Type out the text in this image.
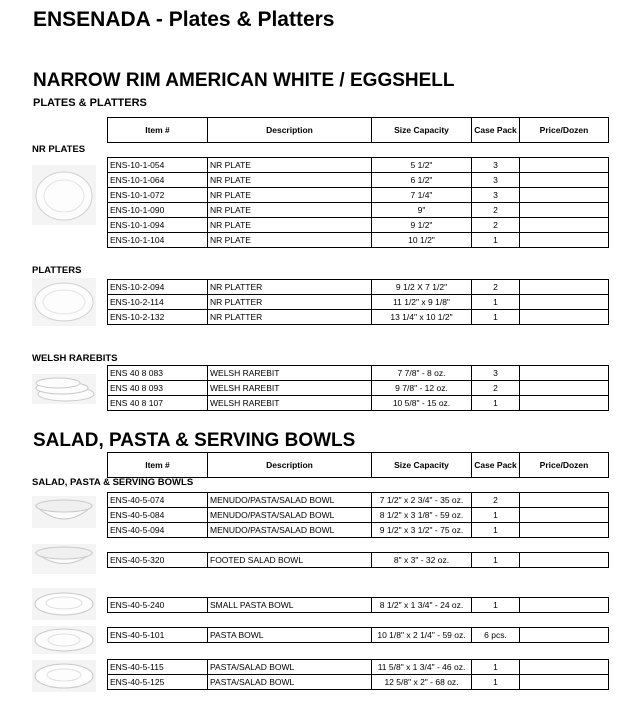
ENSENADA - Plates & Platters
NARROW RIM AMERICAN WHITE / EGGSHELL
PLATES & PLATTERS
SALAD, PASTA & SERVING BOWLS
Item #	Description	Size Capacity	Case Pack	Price/Dozen
NR PLATES
ENS-10-1-054	NR PLATE	5 1/2"	3	
ENS-10-1-064	NR PLATE	6 1/2"	3	
ENS-10-1-072	NR PLATE	7 1/4"	3	
ENS-10-1-090	NR PLATE	9"	2	
ENS-10-1-094	NR PLATE	9 1/2"	2	
ENS-10-1-104	NR PLATE	10 1/2"	1	
PLATTERS
ENS-10-2-094	NR PLATTER	9 1/2 X 7 1/2"	2	
ENS-10-2-114	NR PLATTER	11 1/2" x 9 1/8"	1	
ENS-10-2-132	NR PLATTER	13 1/4" x 10 1/2"	1	
WELSH RAREBITS
ENS 40 8 083	WELSH RAREBIT	7 7/8" - 8 oz.	3	
ENS 40 8 093	WELSH RAREBIT	9 7/8" - 12 oz.	2	
ENS 40 8 107	WELSH RAREBIT	10 5/8" - 15 oz.	1	
Item #	Description	Size Capacity	Case Pack	Price/Dozen
SALAD, PASTA & SERVING BOWLS
ENS-40-5-074	MENUDO/PASTA/SALAD BOWL	7 1/2" x 2 3/4" - 35 oz.	2	
ENS-40-5-084	MENUDO/PASTA/SALAD BOWL	8 1/2" x 3 1/8" - 59 oz.	1	
ENS-40-5-094	MENUDO/PASTA/SALAD BOWL	9 1/2" x 3 1/2" - 75 oz.	1	
ENS-40-5-320	FOOTED SALAD BOWL	8" x 3" - 32 oz.	1	
ENS-40-5-240	SMALL PASTA BOWL	8 1/2" x 1 3/4" - 24 oz.	1	
ENS-40-5-101	PASTA BOWL	10 1/8" x 2 1/4" - 59 oz.	6 pcs.	
ENS-40-5-115	PASTA/SALAD BOWL	11 5/8" x 1 3/4" - 46 oz.	1	
ENS-40-5-125	PASTA/SALAD BOWL	12 5/8" x 2" - 68 oz.	1	
